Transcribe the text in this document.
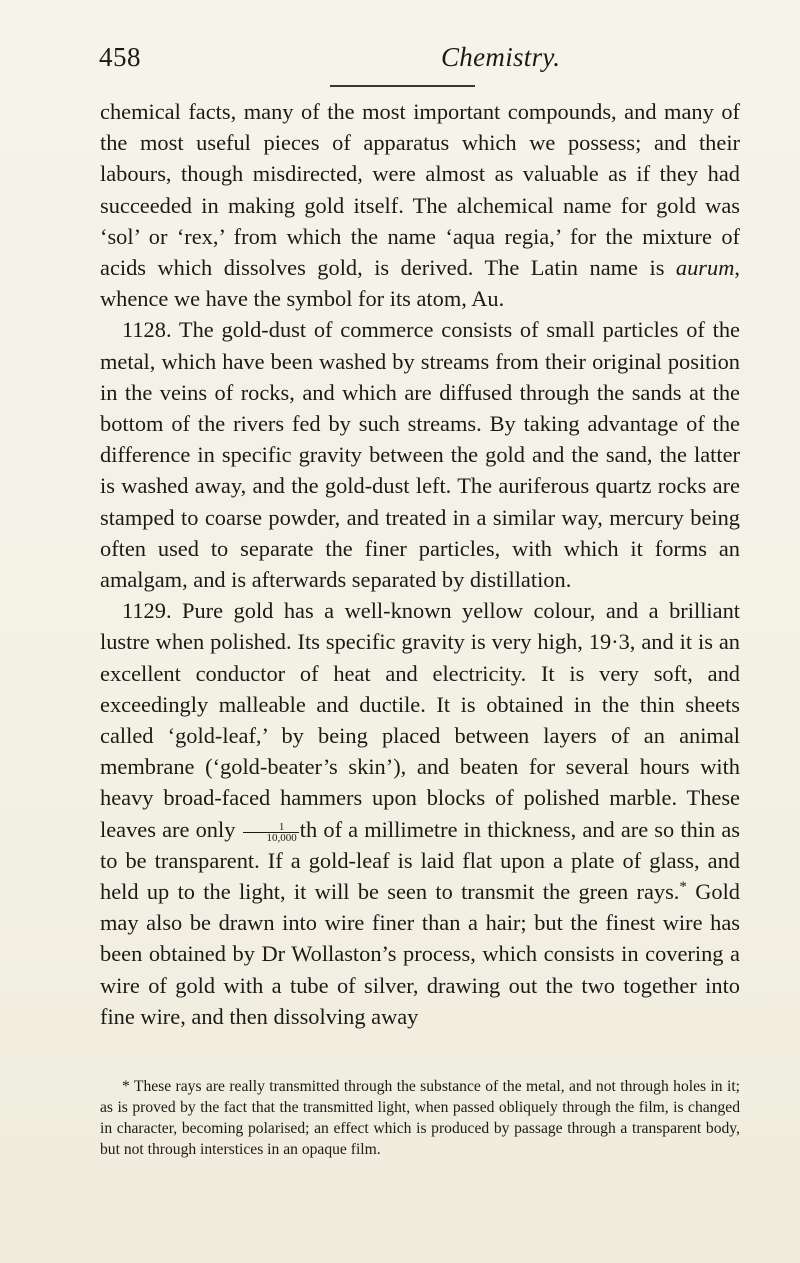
458	Chemistry.

chemical facts, many of the most important compounds, and many of the most useful pieces of apparatus which we possess; and their labours, though misdirected, were almost as valuable as if they had succeeded in making gold itself. The alchemical name for gold was ‘sol’ or ‘rex,’ from which the name ‘aqua regia,’ for the mixture of acids which dissolves gold, is derived. The Latin name is aurum, whence we have the symbol for its atom, Au.

1128. The gold-dust of commerce consists of small particles of the metal, which have been washed by streams from their original position in the veins of rocks, and which are diffused through the sands at the bottom of the rivers fed by such streams. By taking advantage of the difference in specific gravity between the gold and the sand, the latter is washed away, and the gold-dust left. The auriferous quartz rocks are stamped to coarse powder, and treated in a similar way, mercury being often used to separate the finer particles, with which it forms an amalgam, and is afterwards separated by distillation.

1129. Pure gold has a well-known yellow colour, and a brilliant lustre when polished. Its specific gravity is very high, 19·3, and it is an excellent conductor of heat and electricity. It is very soft, and exceedingly malleable and ductile. It is obtained in the thin sheets called ‘gold-leaf,’ by being placed between layers of an animal membrane (‘gold-beater’s skin’), and beaten for several hours with heavy broad-faced hammers upon blocks of polished marble. These leaves are only $\frac{1}{10,000}$ th of a millimetre in thickness, and are so thin as to be transparent. If a gold-leaf is laid flat upon a plate of glass, and held up to the light, it will be seen to transmit the green rays.* Gold may also be drawn into wire finer than a hair; but the finest wire has been obtained by Dr Wollaston’s process, which consists in covering a wire of gold with a tube of silver, drawing out the two together into fine wire, and then dissolving away

* These rays are really transmitted through the substance of the metal, and not through holes in it; as is proved by the fact that the transmitted light, when passed obliquely through the film, is changed in character, becoming polarised; an effect which is produced by passage through a transparent body, but not through interstices in an opaque film.
